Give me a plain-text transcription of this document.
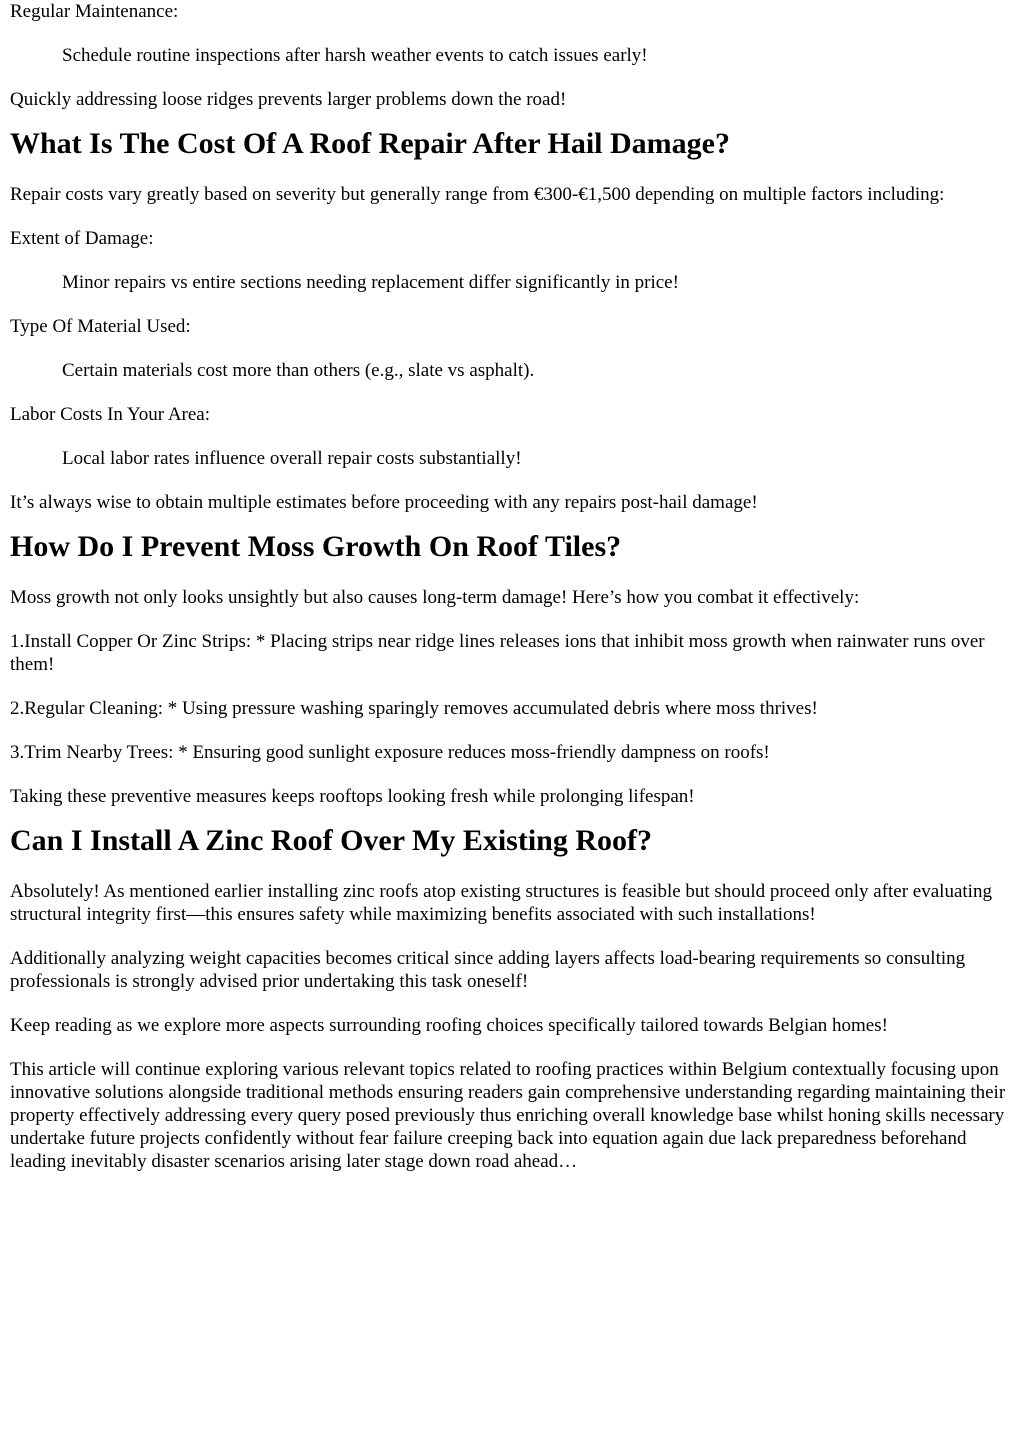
Regular Maintenance:

Schedule routine inspections after harsh weather events to catch issues early!

Quickly addressing loose ridges prevents larger problems down the road!

What Is The Cost Of A Roof Repair After Hail Damage?

Repair costs vary greatly based on severity but generally range from €300-€1,500 depending on multiple factors including:

Extent of Damage:

Minor repairs vs entire sections needing replacement differ significantly in price!

Type Of Material Used:

Certain materials cost more than others (e.g., slate vs asphalt).

Labor Costs In Your Area:

Local labor rates influence overall repair costs substantially!

It’s always wise to obtain multiple estimates before proceeding with any repairs post-hail damage!

How Do I Prevent Moss Growth On Roof Tiles?

Moss growth not only looks unsightly but also causes long-term damage! Here’s how you combat it effectively:

1.Install Copper Or Zinc Strips: * Placing strips near ridge lines releases ions that inhibit moss growth when rainwater runs over them!

2.Regular Cleaning: * Using pressure washing sparingly removes accumulated debris where moss thrives!

3.Trim Nearby Trees: * Ensuring good sunlight exposure reduces moss-friendly dampness on roofs!

Taking these preventive measures keeps rooftops looking fresh while prolonging lifespan!

Can I Install A Zinc Roof Over My Existing Roof?

Absolutely! As mentioned earlier installing zinc roofs atop existing structures is feasible but should proceed only after evaluating structural integrity first—this ensures safety while maximizing benefits associated with such installations!

Additionally analyzing weight capacities becomes critical since adding layers affects load-bearing requirements so consulting professionals is strongly advised prior undertaking this task oneself!

Keep reading as we explore more aspects surrounding roofing choices specifically tailored towards Belgian homes!

This article will continue exploring various relevant topics related to roofing practices within Belgium contextually focusing upon innovative solutions alongside traditional methods ensuring readers gain comprehensive understanding regarding maintaining their property effectively addressing every query posed previously thus enriching overall knowledge base whilst honing skills necessary undertake future projects confidently without fear failure creeping back into equation again due lack preparedness beforehand leading inevitably disaster scenarios arising later stage down road ahead…
